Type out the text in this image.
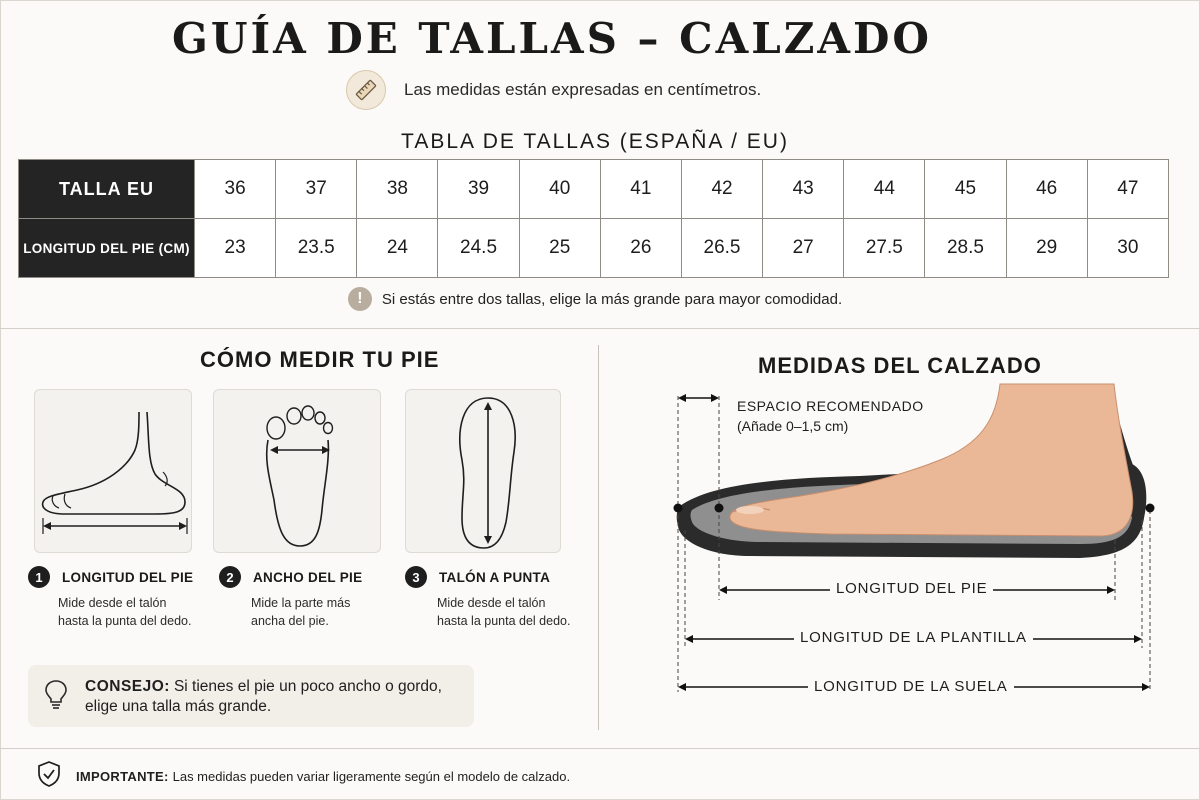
GUÍA DE TALLAS – CALZADO
Las medidas están expresadas en centímetros.
TABLA DE TALLAS (ESPAÑA / EU)
TALLA EU	36	37	38	39	40	41	42	43	44	45	46	47
LONGITUD DEL PIE (CM)	23	23.5	24	24.5	25	26	26.5	27	27.5	28.5	29	30
!	Si estás entre dos tallas, elige la más grande para mayor comodidad.
CÓMO MEDIR TU PIE
1	LONGITUD DEL PIE
Mide desde el talón
hasta la punta del dedo.
2	ANCHO DEL PIE
Mide la parte más
ancha del pie.
3	TALÓN A PUNTA
Mide desde el talón
hasta la punta del dedo.
CONSEJO: Si tienes el pie un poco ancho o gordo, elige una talla más grande.
MEDIDAS DEL CALZADO
ESPACIO RECOMENDADO
(Añade 0–1,5 cm)
LONGITUD DEL PIE
LONGITUD DE LA PLANTILLA
LONGITUD DE LA SUELA
IMPORTANTE: Las medidas pueden variar ligeramente según el modelo de calzado.
